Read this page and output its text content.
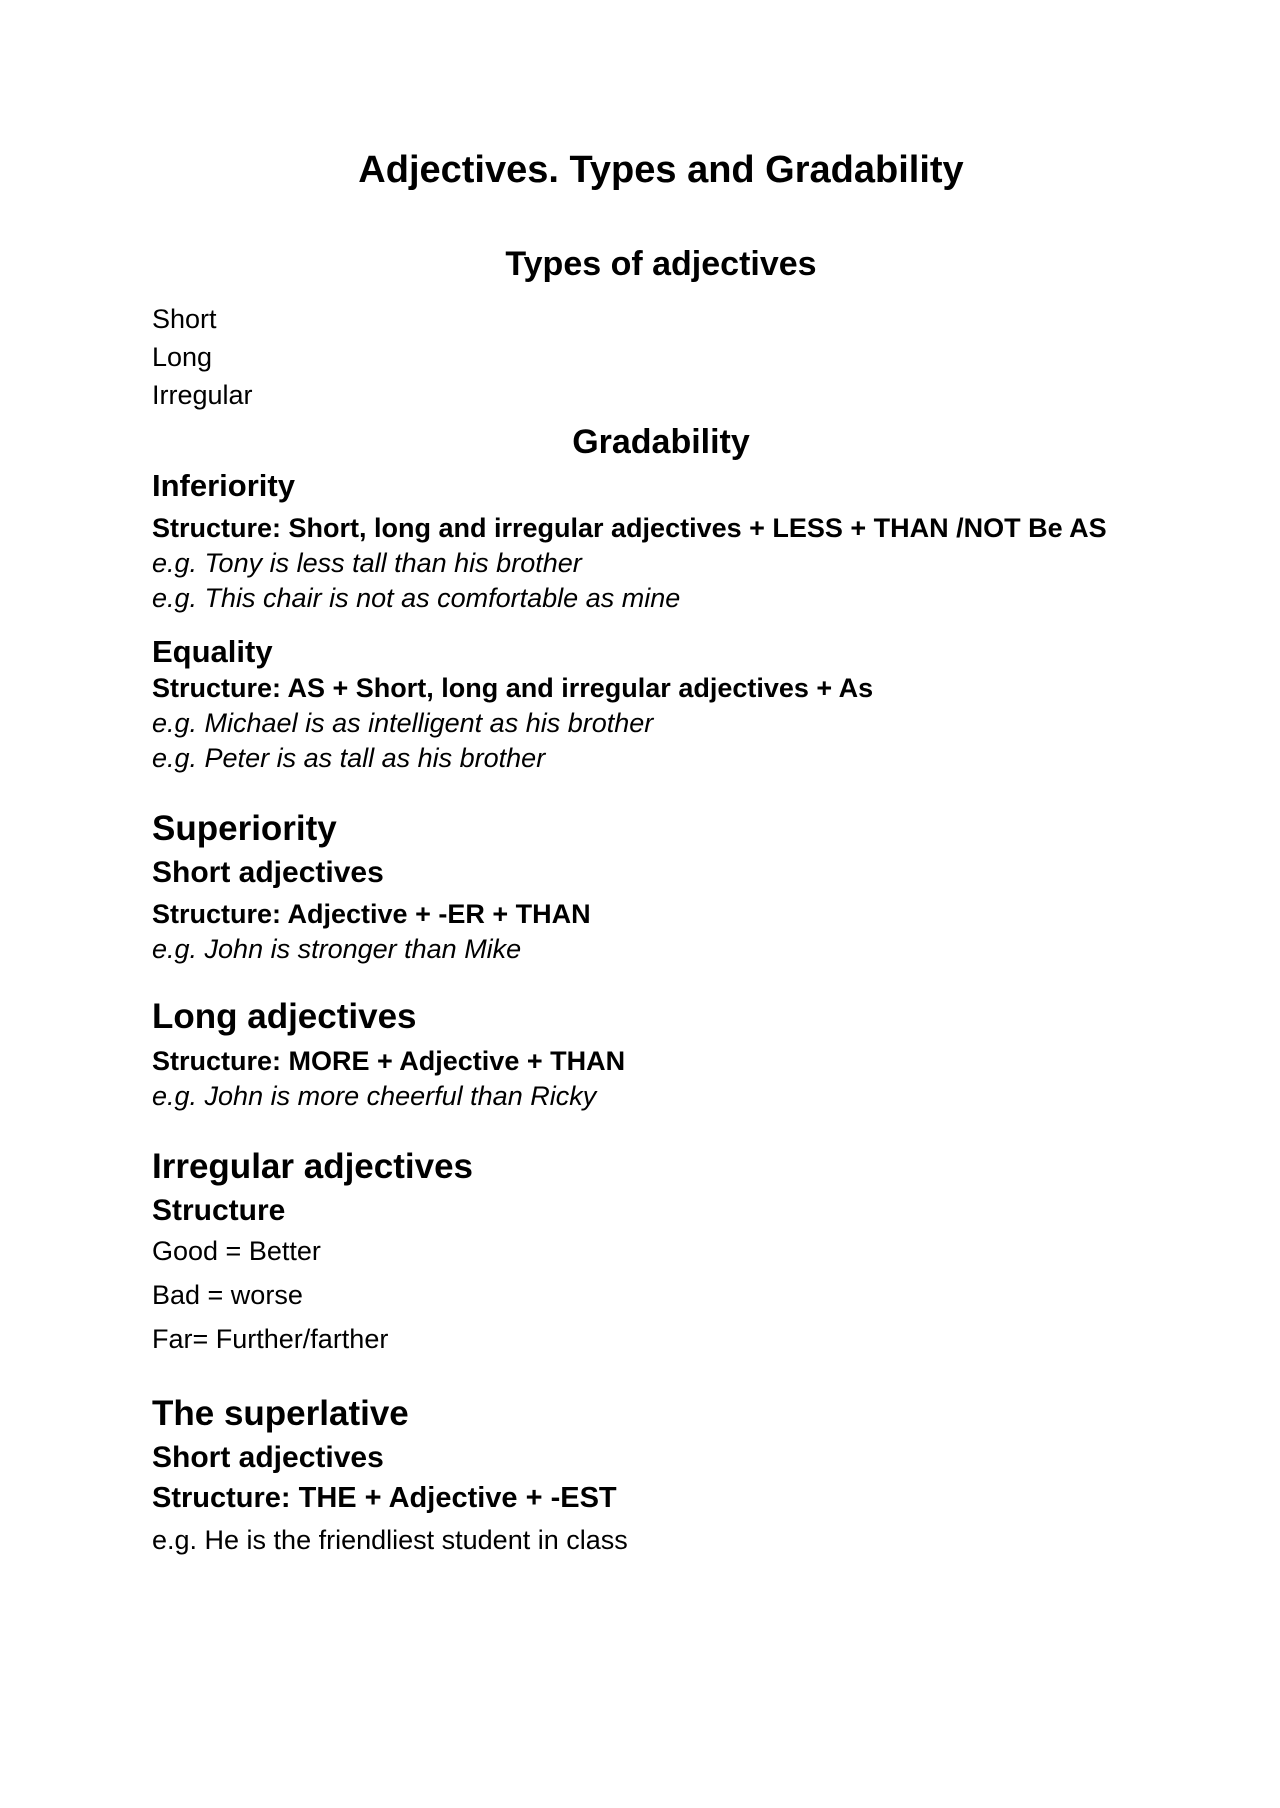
Adjectives. Types and Gradability
Types of adjectives
Short
Long
Irregular
Gradability
Inferiority

Structure: Short, long and irregular adjectives + LESS + THAN /NOT Be AS

e.g. Tony is less tall than his brother

e.g. This chair is not as comfortable as mine

Equality

Structure: AS + Short, long and irregular adjectives + As

e.g. Michael is as intelligent as his brother

e.g. Peter is as tall as his brother

Superiority
Short adjectives

Structure: Adjective + -ER + THAN

e.g. John is stronger than Mike

Long adjectives

Structure: MORE + Adjective + THAN

e.g. John is more cheerful than Ricky

Irregular adjectives
Structure
Good = Better
Bad = worse
Far= Further/farther
The superlative
Short adjectives

Structure: THE + Adjective + -EST

e.g. He is the friendliest student in class
